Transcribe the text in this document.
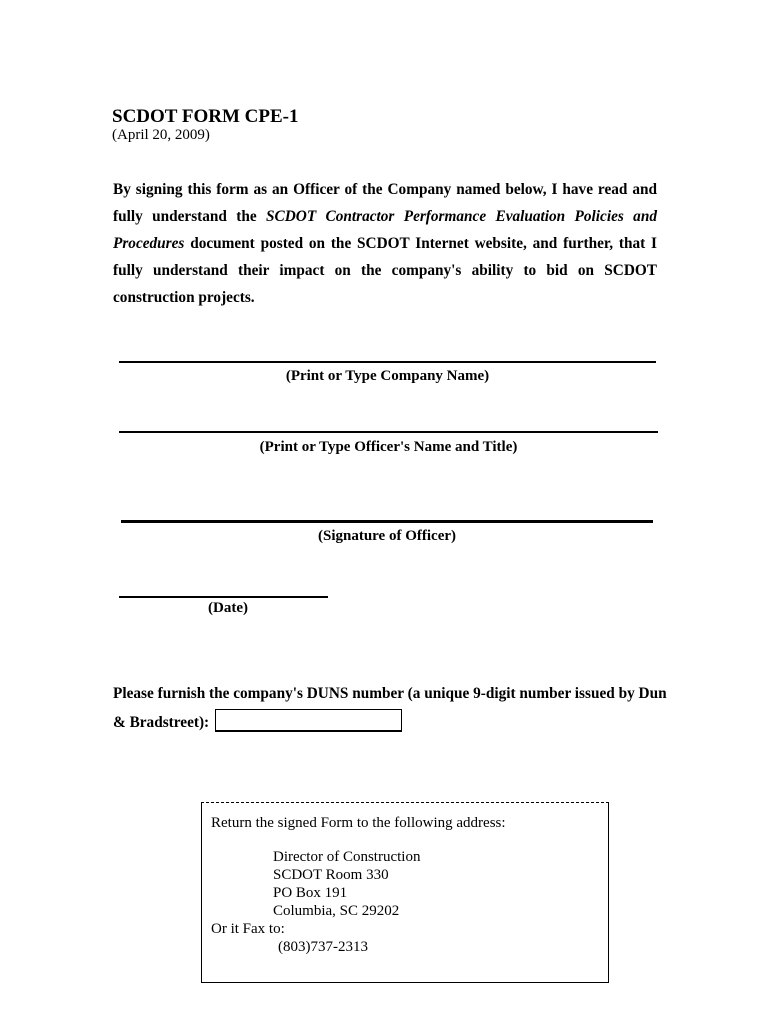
SCDOT FORM CPE-1
(April 20, 2009)
By signing this form as an Officer of the Company named below, I have read and fully understand the SCDOT Contractor Performance Evaluation Policies and Procedures document posted on the SCDOT Internet website, and further, that I fully understand their impact on the company's ability to bid on SCDOT construction projects.
(Print or Type Company Name)
(Print or Type Officer's Name and Title)
(Signature of Officer)
(Date)
Please furnish the company's DUNS number (a unique 9-digit number issued by Dun & Bradstreet):
Return the signed Form to the following address:
Director of Construction
SCDOT Room 330
PO Box 191
Columbia, SC 29202
Or it Fax to:
(803)737-2313
